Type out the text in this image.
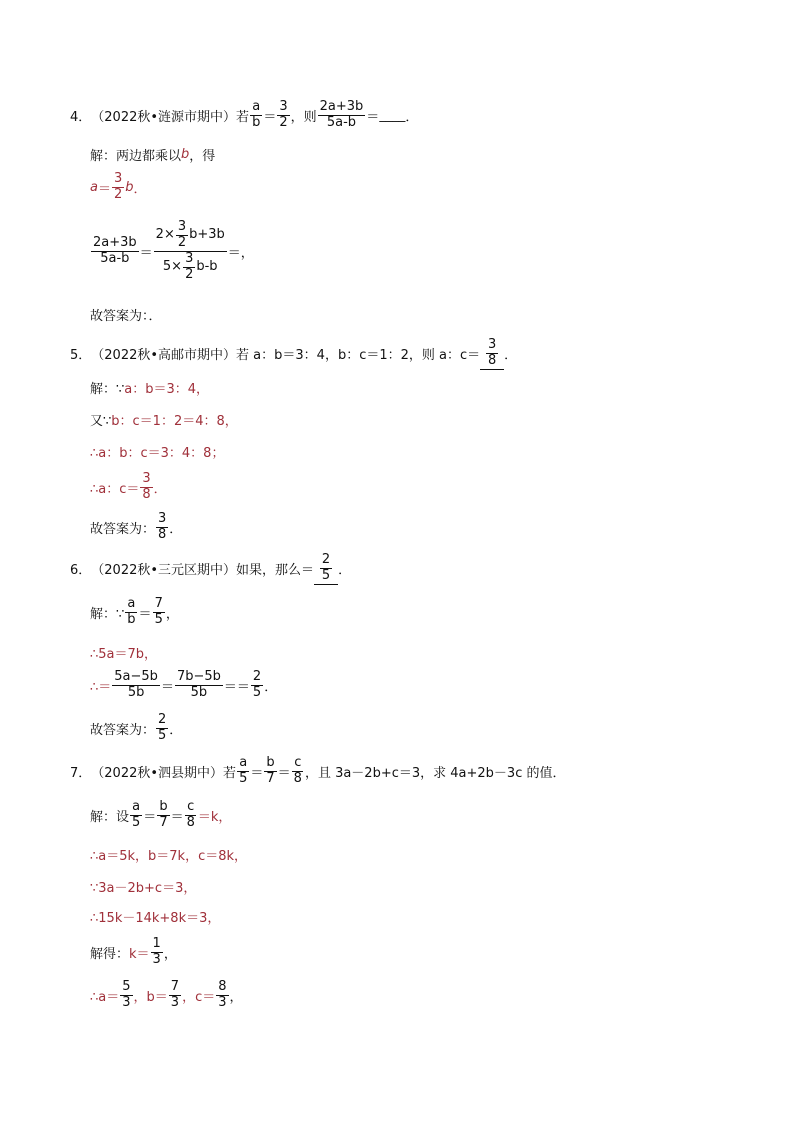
4． （2022秋•涟源市期中） 若 $\frac{a}{b} = \frac{3}{2}$ ，则 $\frac{2a+3b}{5a-b}$ ＝ ____ ．
解：两边都乘以 b ，得
$a = \frac{3}{2}$ b ．
$\frac{2a+3b}{5a-b} = \frac{2\times \frac{3}{2} b+3b}{5\times \frac{3}{2} b-b}$ ＝，
故答案为：．
5． （2022秋•高邮市期中） 若 a：b＝3：4，b：c＝1：2，则 a：$c= \frac{3}{8}$ ．
解：∵ a：b＝3：4，
又∵ b：c＝1：2＝4：8，
∴a：b：c＝3：4：8；
∴a：$c= \frac{3}{8}$ ．
故答案为： $\frac{3}{8}$ ．
6． （2022秋•三元区期中） 如果，那么＝ $\frac{2}{5}$ ．
解：∵ $\frac{a}{b} = \frac{7}{5}$ ，
∴5a＝7b，
∴＝ $\frac{5a-5b}{5b} = \frac{7b-5b}{5b} == \frac{2}{5}$ ．
故答案为： $\frac{2}{5}$ ．
7． （2022秋•泗县期中） 若 $\frac{a}{5} = \frac{b}{7} = \frac{c}{8}$ ，且 3a－2b+c＝3，求 4a+2b－3c 的值．
解：设 $\frac{a}{5} = \frac{b}{7} = \frac{c}{8} =k$，
∴a＝5k，b＝7k，c＝8k，
∵3a－2b+c＝3，
∴15k－14k+8k＝3，
解得： $k= \frac{1}{3}$ ，
∴a＝ $\frac{5}{3}$ ，$b= \frac{7}{3}$ ，$c= \frac{8}{3}$ ，
